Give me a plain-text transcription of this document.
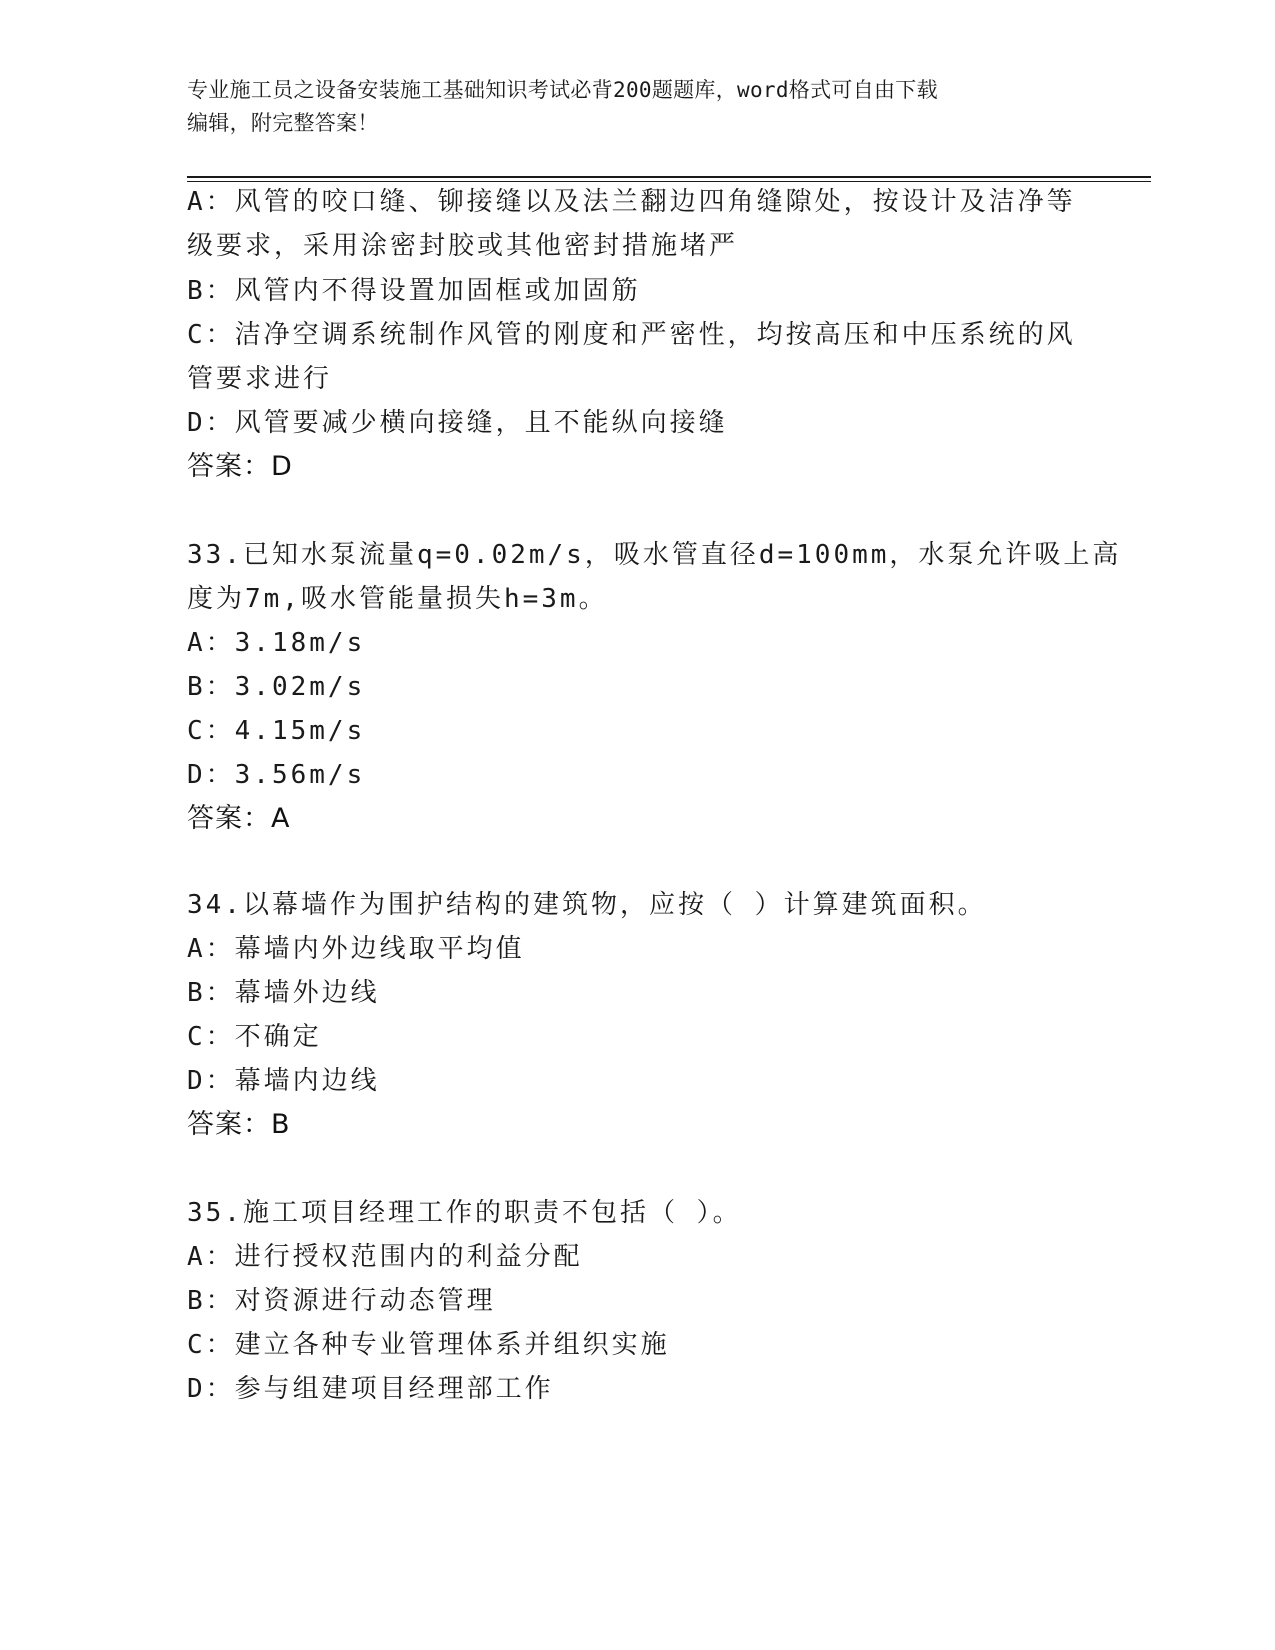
专业施工员之设备安装施工基础知识考试必背200题题库，word格式可自由下载
编辑，附完整答案！
A：风管的咬口缝、铆接缝以及法兰翻边四角缝隙处，按设计及洁净等
级要求，采用涂密封胶或其他密封措施堵严
B：风管内不得设置加固框或加固筋
C：洁净空调系统制作风管的刚度和严密性，均按高压和中压系统的风
管要求进行
D：风管要减少横向接缝，且不能纵向接缝
答案：D
33.已知水泵流量q=0.02m/s，吸水管直径d=100mm，水泵允许吸上高
度为7m,吸水管能量损失h=3m。
A：3.18m/s
B：3.02m/s
C：4.15m/s
D：3.56m/s
答案：A
34.以幕墙作为围护结构的建筑物，应按（ ）计算建筑面积。
A：幕墙内外边线取平均值
B：幕墙外边线
C：不确定
D：幕墙内边线
答案：B
35.施工项目经理工作的职责不包括（ ）。
A：进行授权范围内的利益分配
B：对资源进行动态管理
C：建立各种专业管理体系并组织实施
D：参与组建项目经理部工作
